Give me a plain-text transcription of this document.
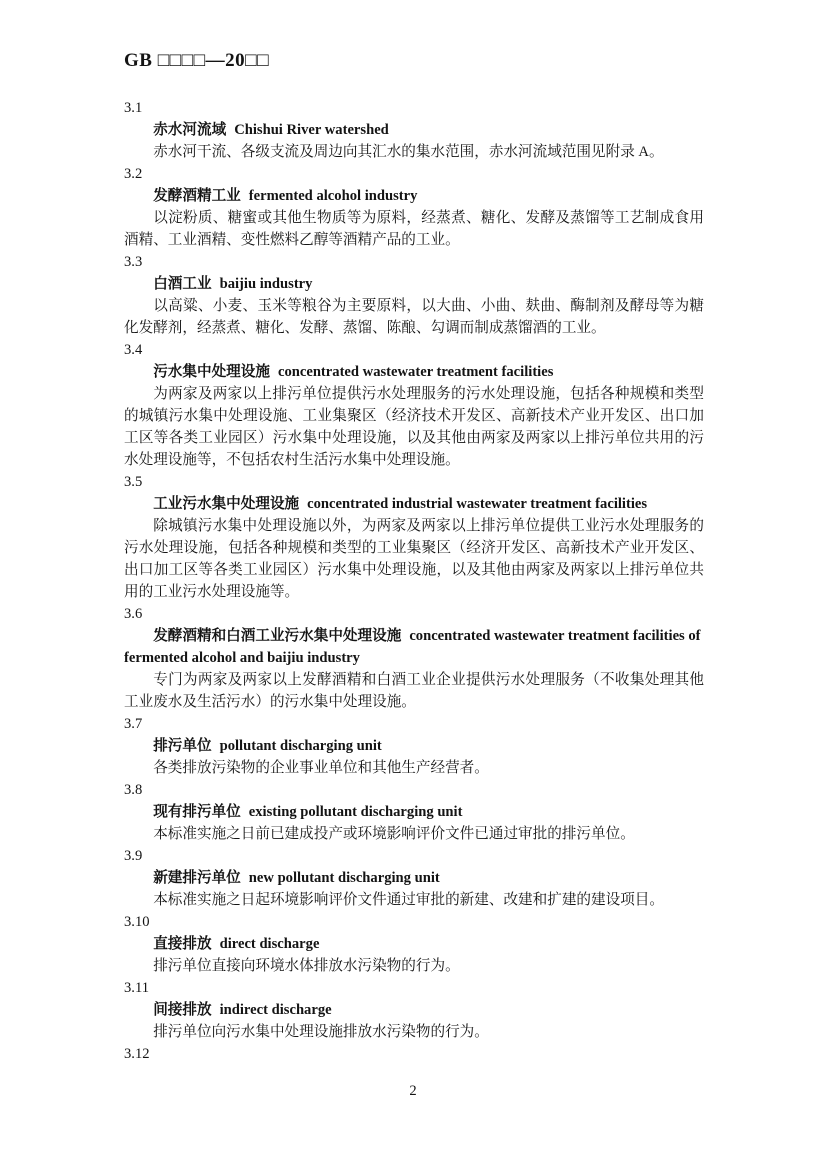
GB □□□□—20□□

3.1

赤水河流域 Chishui River watershed

赤水河干流、各级支流及周边向其汇水的集水范围，赤水河流域范围见附录 A。

3.2

发酵酒精工业 fermented alcohol industry

以淀粉质、糖蜜或其他生物质等为原料，经蒸煮、糖化、发酵及蒸馏等工艺制成食用酒精、工业酒精、变性燃料乙醇等酒精产品的工业。

3.3

白酒工业 baijiu industry

以高粱、小麦、玉米等粮谷为主要原料，以大曲、小曲、麸曲、酶制剂及酵母等为糖化发酵剂，经蒸煮、糖化、发酵、蒸馏、陈酿、勾调而制成蒸馏酒的工业。

3.4

污水集中处理设施 concentrated wastewater treatment facilities

为两家及两家以上排污单位提供污水处理服务的污水处理设施，包括各种规模和类型的城镇污水集中处理设施、工业集聚区（经济技术开发区、高新技术产业开发区、出口加工区等各类工业园区）污水集中处理设施，以及其他由两家及两家以上排污单位共用的污水处理设施等，不包括农村生活污水集中处理设施。

3.5

工业污水集中处理设施 concentrated industrial wastewater treatment facilities

除城镇污水集中处理设施以外，为两家及两家以上排污单位提供工业污水处理服务的污水处理设施，包括各种规模和类型的工业集聚区（经济开发区、高新技术产业开发区、出口加工区等各类工业园区）污水集中处理设施，以及其他由两家及两家以上排污单位共用的工业污水处理设施等。

3.6

发酵酒精和白酒工业污水集中处理设施 concentrated wastewater treatment facilities of fermented alcohol and baijiu industry

专门为两家及两家以上发酵酒精和白酒工业企业提供污水处理服务（不收集处理其他工业废水及生活污水）的污水集中处理设施。

3.7

排污单位 pollutant discharging unit

各类排放污染物的企业事业单位和其他生产经营者。

3.8

现有排污单位 existing pollutant discharging unit

本标准实施之日前已建成投产或环境影响评价文件已通过审批的排污单位。

3.9

新建排污单位 new pollutant discharging unit

本标准实施之日起环境影响评价文件通过审批的新建、改建和扩建的建设项目。

3.10

直接排放 direct discharge

排污单位直接向环境水体排放水污染物的行为。

3.11

间接排放 indirect discharge

排污单位向污水集中处理设施排放水污染物的行为。

3.12

2
